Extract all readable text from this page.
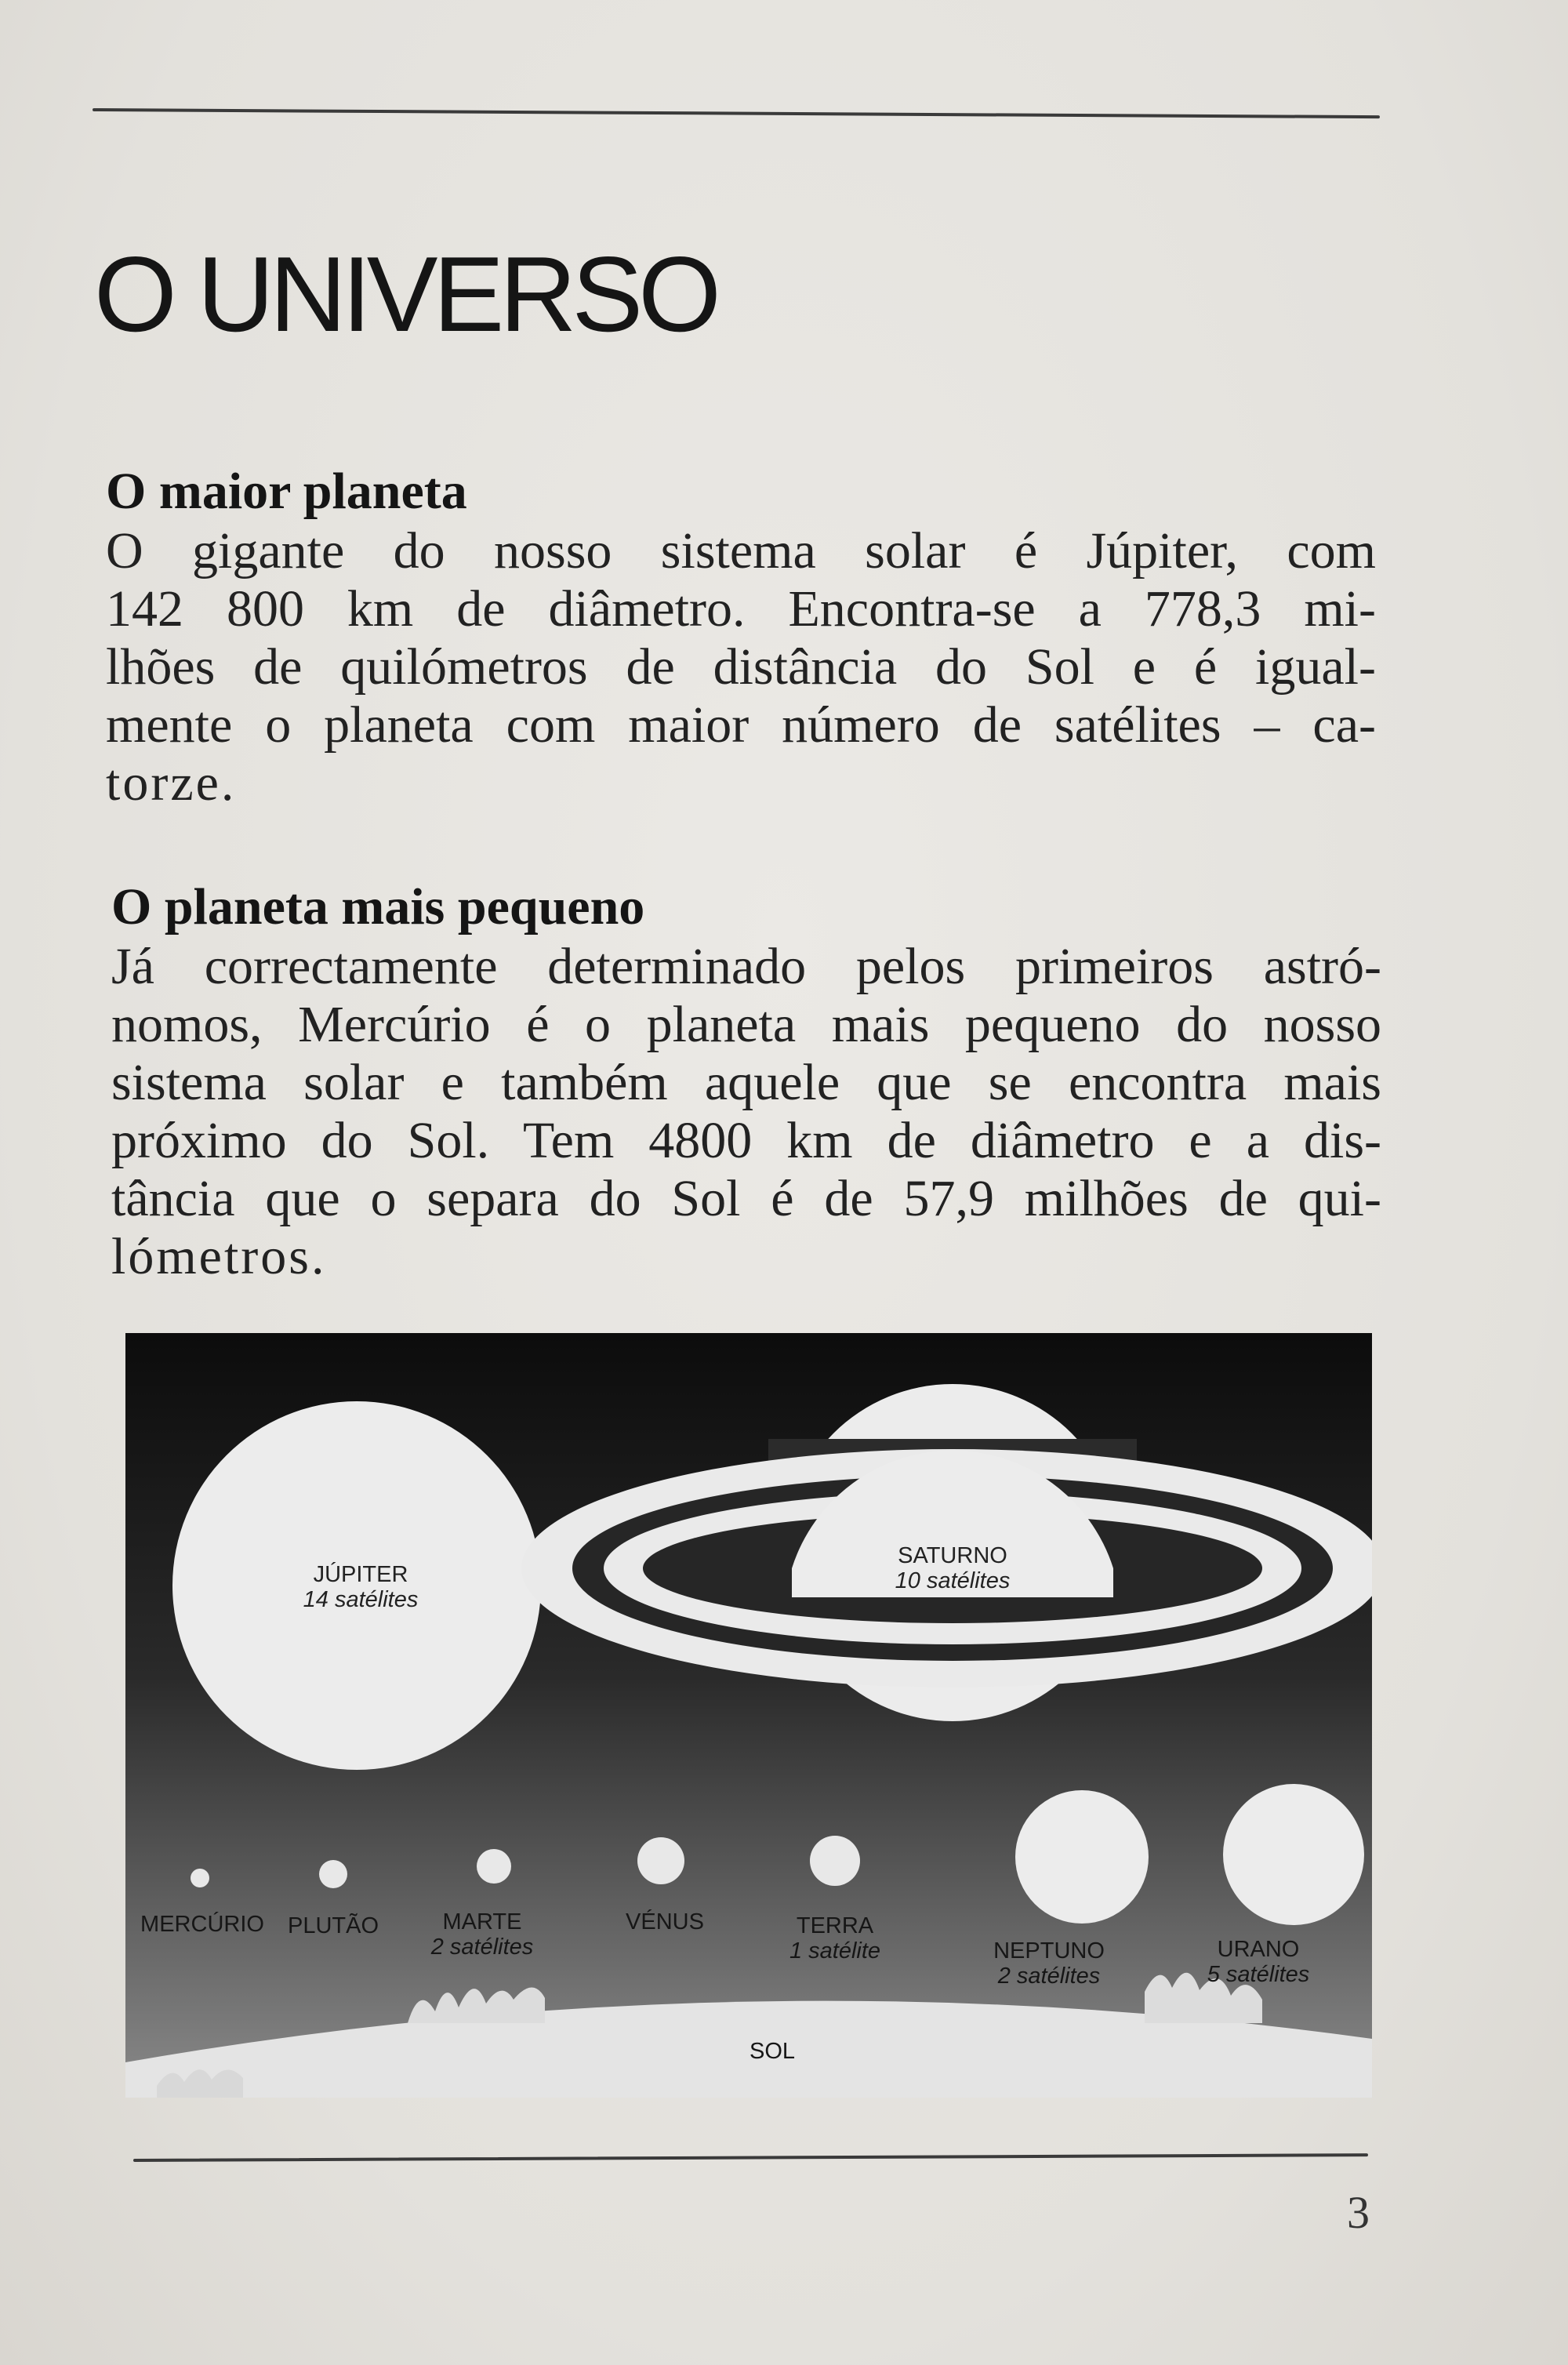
O UNIVERSO
O maior planeta
O gigante do nosso sistema solar é Júpiter, com
142 800 km de diâmetro. Encontra-se a 778,3 mi-
lhões de quilómetros de distância do Sol e é igual-
mente o planeta com maior número de satélites – ca-
torze.
O planeta mais pequeno
Já correctamente determinado pelos primeiros astró-
nomos, Mercúrio é o planeta mais pequeno do nosso
sistema solar e também aquele que se encontra mais
próximo do Sol. Tem 4800 km de diâmetro e a dis-
tância que o separa do Sol é de 57,9 milhões de qui-
lómetros.
JÚPITER
14 satélites
SATURNO
10 satélites
MERCÚRIO PLUTÃO	MARTE
2 satélites
VÉNUS	TERRA
1 satélite	NEPTUNO
2 satélites
URANO
5 satélites
SOL
3
